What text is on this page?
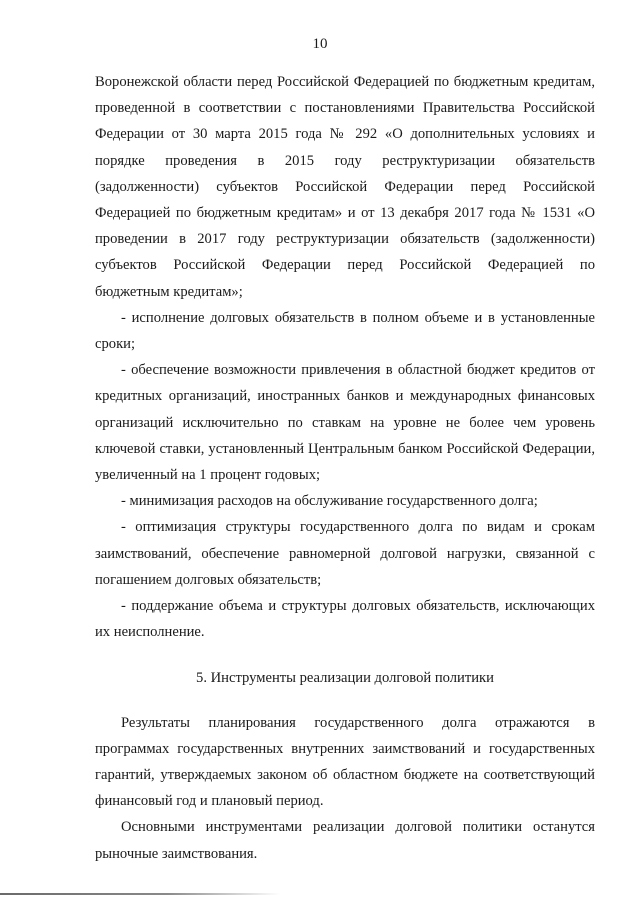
10

Воронежской области перед Российской Федерацией по бюджетным кредитам, проведенной в соответствии с постановлениями Правительства Российской Федерации от 30 марта 2015 года № 292 «О дополнительных условиях и порядке проведения в 2015 году реструктуризации обязательств (задолженности) субъектов Российской Федерации перед Российской Федерацией по бюджетным кредитам» и от 13 декабря 2017 года № 1531 «О проведении в 2017 году реструктуризации обязательств (задолженности) субъектов Российской Федерации перед Российской Федерацией по бюджетным кредитам»;

- исполнение долговых обязательств в полном объеме и в установленные сроки;

- обеспечение возможности привлечения в областной бюджет кредитов от кредитных организаций, иностранных банков и международных финансовых организаций исключительно по ставкам на уровне не более чем уровень ключевой ставки, установленный Центральным банком Российской Федерации, увеличенный на 1 процент годовых;

- минимизация расходов на обслуживание государственного долга;

- оптимизация структуры государственного долга по видам и срокам заимствований, обеспечение равномерной долговой нагрузки, связанной с погашением долговых обязательств;

- поддержание объема и структуры долговых обязательств, исключающих их неисполнение.

5. Инструменты реализации долговой политики

Результаты планирования государственного долга отражаются в программах государственных внутренних заимствований и государственных гарантий, утверждаемых законом об областном бюджете на соответствующий финансовый год и плановый период.

Основными инструментами реализации долговой политики останутся рыночные заимствования.
